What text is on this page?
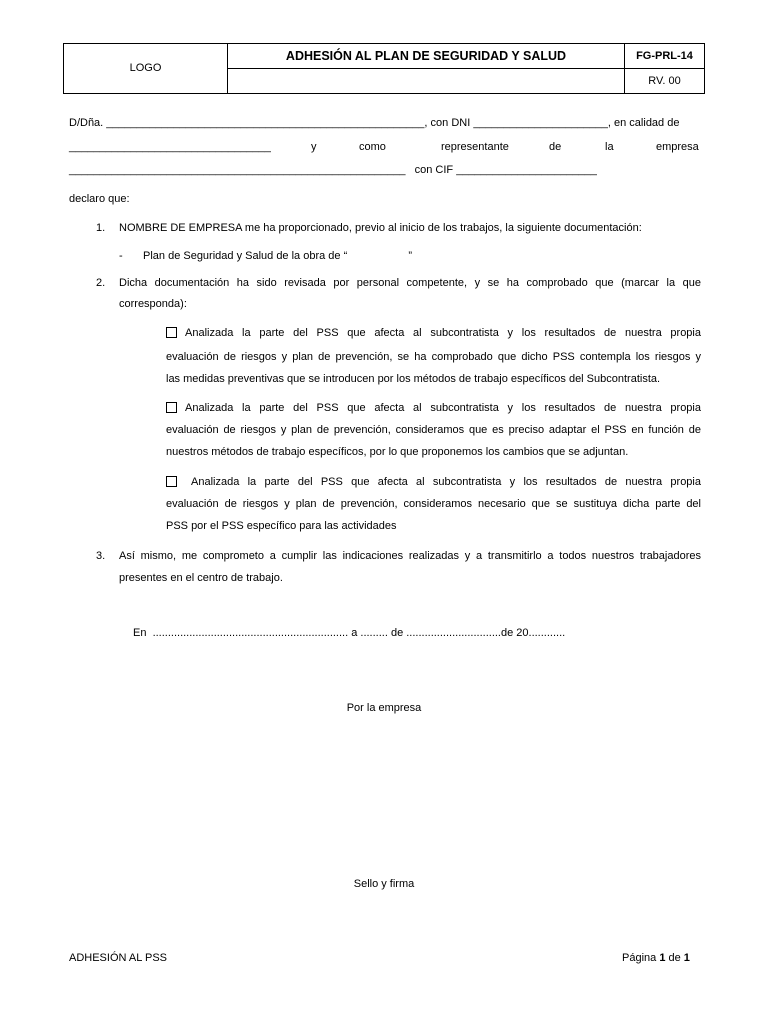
LOGO
ADHESIÓN AL PLAN DE SEGURIDAD Y SALUD	FG-PRL-14
RV. 00
D/Dña. ____________________________________________________, con DNI ______________________, en calidad de
_________________________________	y	como	representante	de	la	empresa
_______________________________________________________   con CIF _______________________
declaro que:
1. NOMBRE DE EMPRESA me ha proporcionado, previo al inicio de los trabajos, la siguiente documentación:
- Plan de Seguridad y Salud de la obra de “                    ”
2. Dicha documentación ha sido revisada por personal competente, y se ha comprobado que (marcar la que
corresponda):
Analizada la parte del PSS que afecta al subcontratista y los resultados de nuestra propia
evaluación de riesgos y plan de prevención, se ha comprobado que dicho PSS contempla los riesgos y
las medidas preventivas que se introducen por los métodos de trabajo específicos del Subcontratista.
Analizada la parte del PSS que afecta al subcontratista y los resultados de nuestra propia
evaluación de riesgos y plan de prevención, consideramos que es preciso adaptar el PSS en función de
nuestros métodos de trabajo específicos, por lo que proponemos los cambios que se adjuntan.
Analizada la parte del PSS que afecta al subcontratista y los resultados de nuestra propia
evaluación de riesgos y plan de prevención, consideramos necesario que se sustituya dicha parte del
PSS por el PSS específico para las actividades
3. Así mismo, me comprometo a cumplir las indicaciones realizadas y a transmitirlo a todos nuestros trabajadores
presentes en el centro de trabajo.
En  ................................................................ a ......... de ...............................de 20............
Por la empresa
Sello y firma
ADHESIÓN AL PSS	Página 1 de 1
